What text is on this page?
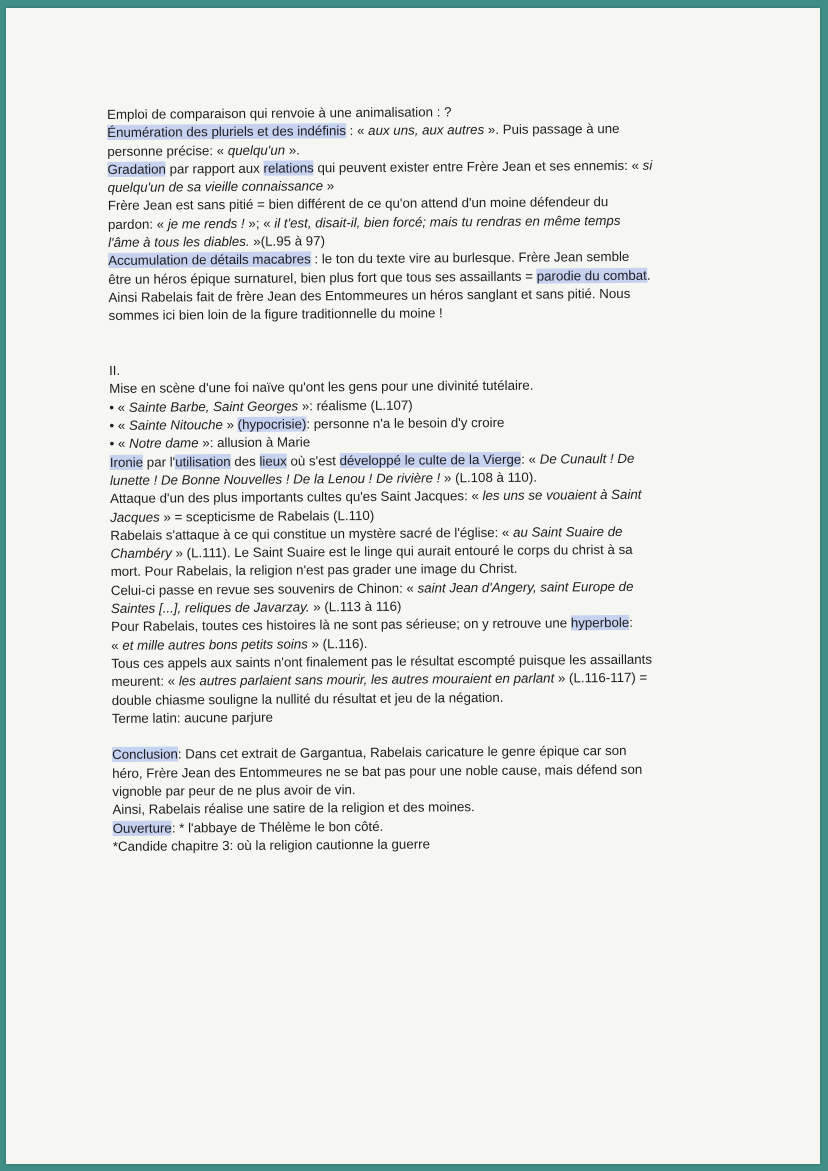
Emploi de comparaison qui renvoie à une animalisation : ?
Énumération des pluriels et des indéfinis : « aux uns, aux autres ». Puis passage à une
personne précise: « quelqu'un ».
Gradation par rapport aux relations qui peuvent exister entre Frère Jean et ses ennemis: « si
quelqu'un de sa vieille connaissance »
Frère Jean est sans pitié = bien différent de ce qu'on attend d'un moine défendeur du
pardon: « je me rends ! »; « il t'est, disait-il, bien forcé; mais tu rendras en même temps
l'âme à tous les diables. »(L.95 à 97)
Accumulation de détails macabres : le ton du texte vire au burlesque. Frère Jean semble
être un héros épique surnaturel, bien plus fort que tous ses assaillants = parodie du combat.
Ainsi Rabelais fait de frère Jean des Entommeures un héros sanglant et sans pitié. Nous
sommes ici bien loin de la figure traditionnelle du moine !
II.
Mise en scène d'une foi naïve qu'ont les gens pour une divinité tutélaire.
• « Sainte Barbe, Saint Georges »: réalisme (L.107)
• « Sainte Nitouche » (hypocrisie): personne n'a le besoin d'y croire
• « Notre dame »: allusion à Marie
Ironie par l'utilisation des lieux où s'est développé le culte de la Vierge: « De Cunault ! De
lunette ! De Bonne Nouvelles ! De la Lenou ! De rivière ! » (L.108 à 110).
Attaque d'un des plus importants cultes qu'es Saint Jacques: « les uns se vouaient à Saint
Jacques » = scepticisme de Rabelais (L.110)
Rabelais s'attaque à ce qui constitue un mystère sacré de l'église: « au Saint Suaire de
Chambéry » (L.111). Le Saint Suaire est le linge qui aurait entouré le corps du christ à sa
mort. Pour Rabelais, la religion n'est pas grader une image du Christ.
Celui-ci passe en revue ses souvenirs de Chinon: « saint Jean d'Angery, saint Europe de
Saintes [...], reliques de Javarzay. » (L.113 à 116)
Pour Rabelais, toutes ces histoires là ne sont pas sérieuse; on y retrouve une hyperbole:
« et mille autres bons petits soins » (L.116).
Tous ces appels aux saints n'ont finalement pas le résultat escompté puisque les assaillants
meurent: « les autres parlaient sans mourir, les autres mouraient en parlant » (L.116-117) =
double chiasme souligne la nullité du résultat et jeu de la négation.
Terme latin: aucune parjure
Conclusion: Dans cet extrait de Gargantua, Rabelais caricature le genre épique car son
héro, Frère Jean des Entommeures ne se bat pas pour une noble cause, mais défend son
vignoble par peur de ne plus avoir de vin.
Ainsi, Rabelais réalise une satire de la religion et des moines.
Ouverture: * l'abbaye de Thélème le bon côté.
*Candide chapitre 3: où la religion cautionne la guerre
